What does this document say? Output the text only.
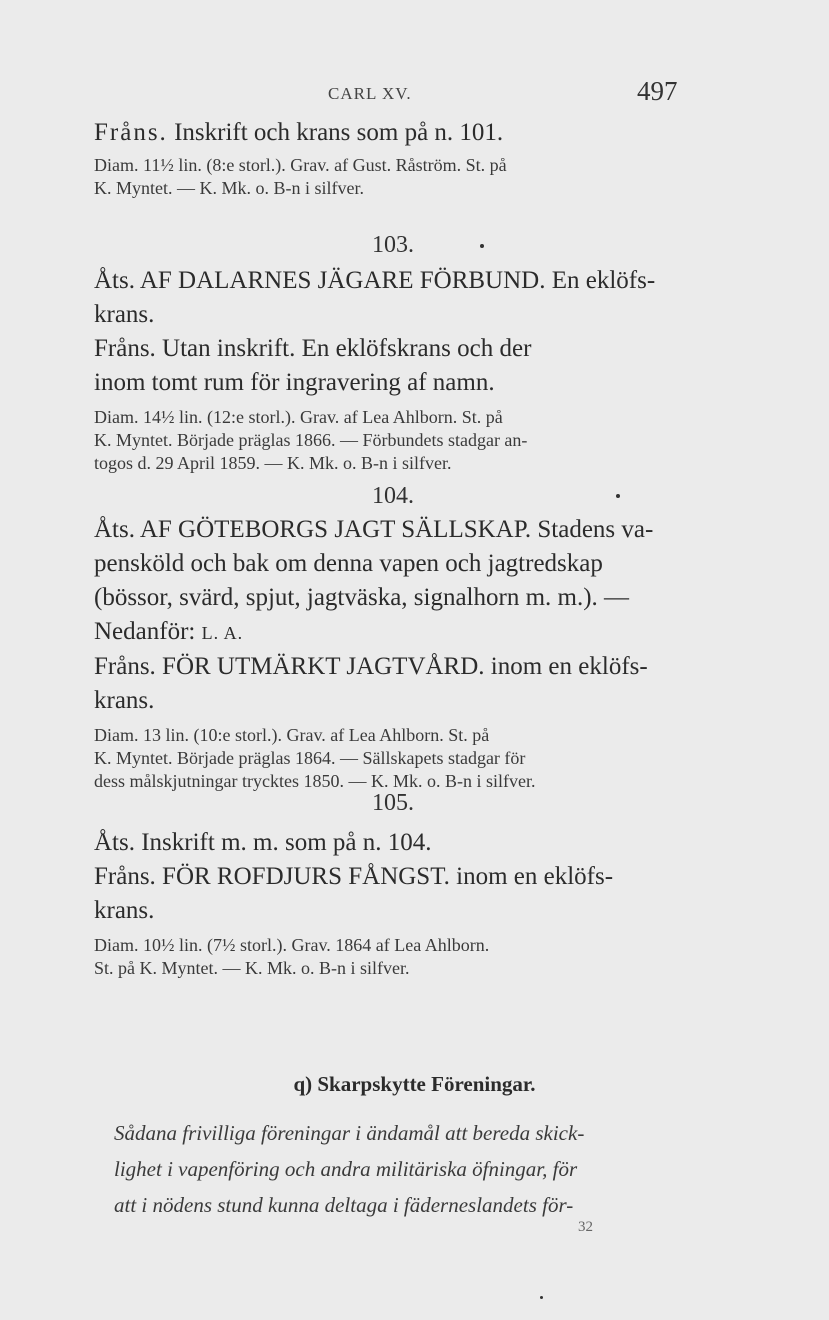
CARL XV.	497
Fråns. Inskrift och krans som på n. 101.
Diam. 11½ lin. (8:e storl.). Grav. af Gust. Råström. St. på
K. Myntet. — K. Mk. o. B-n i silfver.
103.
Åts. AF DALARNES JÄGARE FÖRBUND. En eklöfs-
krans.
Fråns. Utan inskrift. En eklöfskrans och der
inom tomt rum för ingravering af namn.
Diam. 14½ lin. (12:e storl.). Grav. af Lea Ahlborn. St. på
K. Myntet. Började präglas 1866. — Förbundets stadgar an-
togos d. 29 April 1859. — K. Mk. o. B-n i silfver.
104.
Åts. AF GÖTEBORGS JAGT SÄLLSKAP. Stadens va-
pensköld och bak om denna vapen och jagtredskap
(bössor, svärd, spjut, jagtväska, signalhorn m. m.). —
Nedanför: L. A.
Fråns. FÖR UTMÄRKT JAGTVÅRD. inom en eklöfs-
krans.
Diam. 13 lin. (10:e storl.). Grav. af Lea Ahlborn. St. på
K. Myntet. Började präglas 1864. — Sällskapets stadgar för
dess målskjutningar trycktes 1850. — K. Mk. o. B-n i silfver.
105.
Åts. Inskrift m. m. som på n. 104.
Fråns. FÖR ROFDJURS FÅNGST. inom en eklöfs-
krans.
Diam. 10½ lin. (7½ storl.). Grav. 1864 af Lea Ahlborn.
St. på K. Myntet. — K. Mk. o. B-n i silfver.
q) Skarpskytte Föreningar.
Sådana frivilliga föreningar i ändamål att bereda skick-
lighet i vapenföring och andra militäriska öfningar, för
att i nödens stund kunna deltaga i fäderneslandets för-
32
